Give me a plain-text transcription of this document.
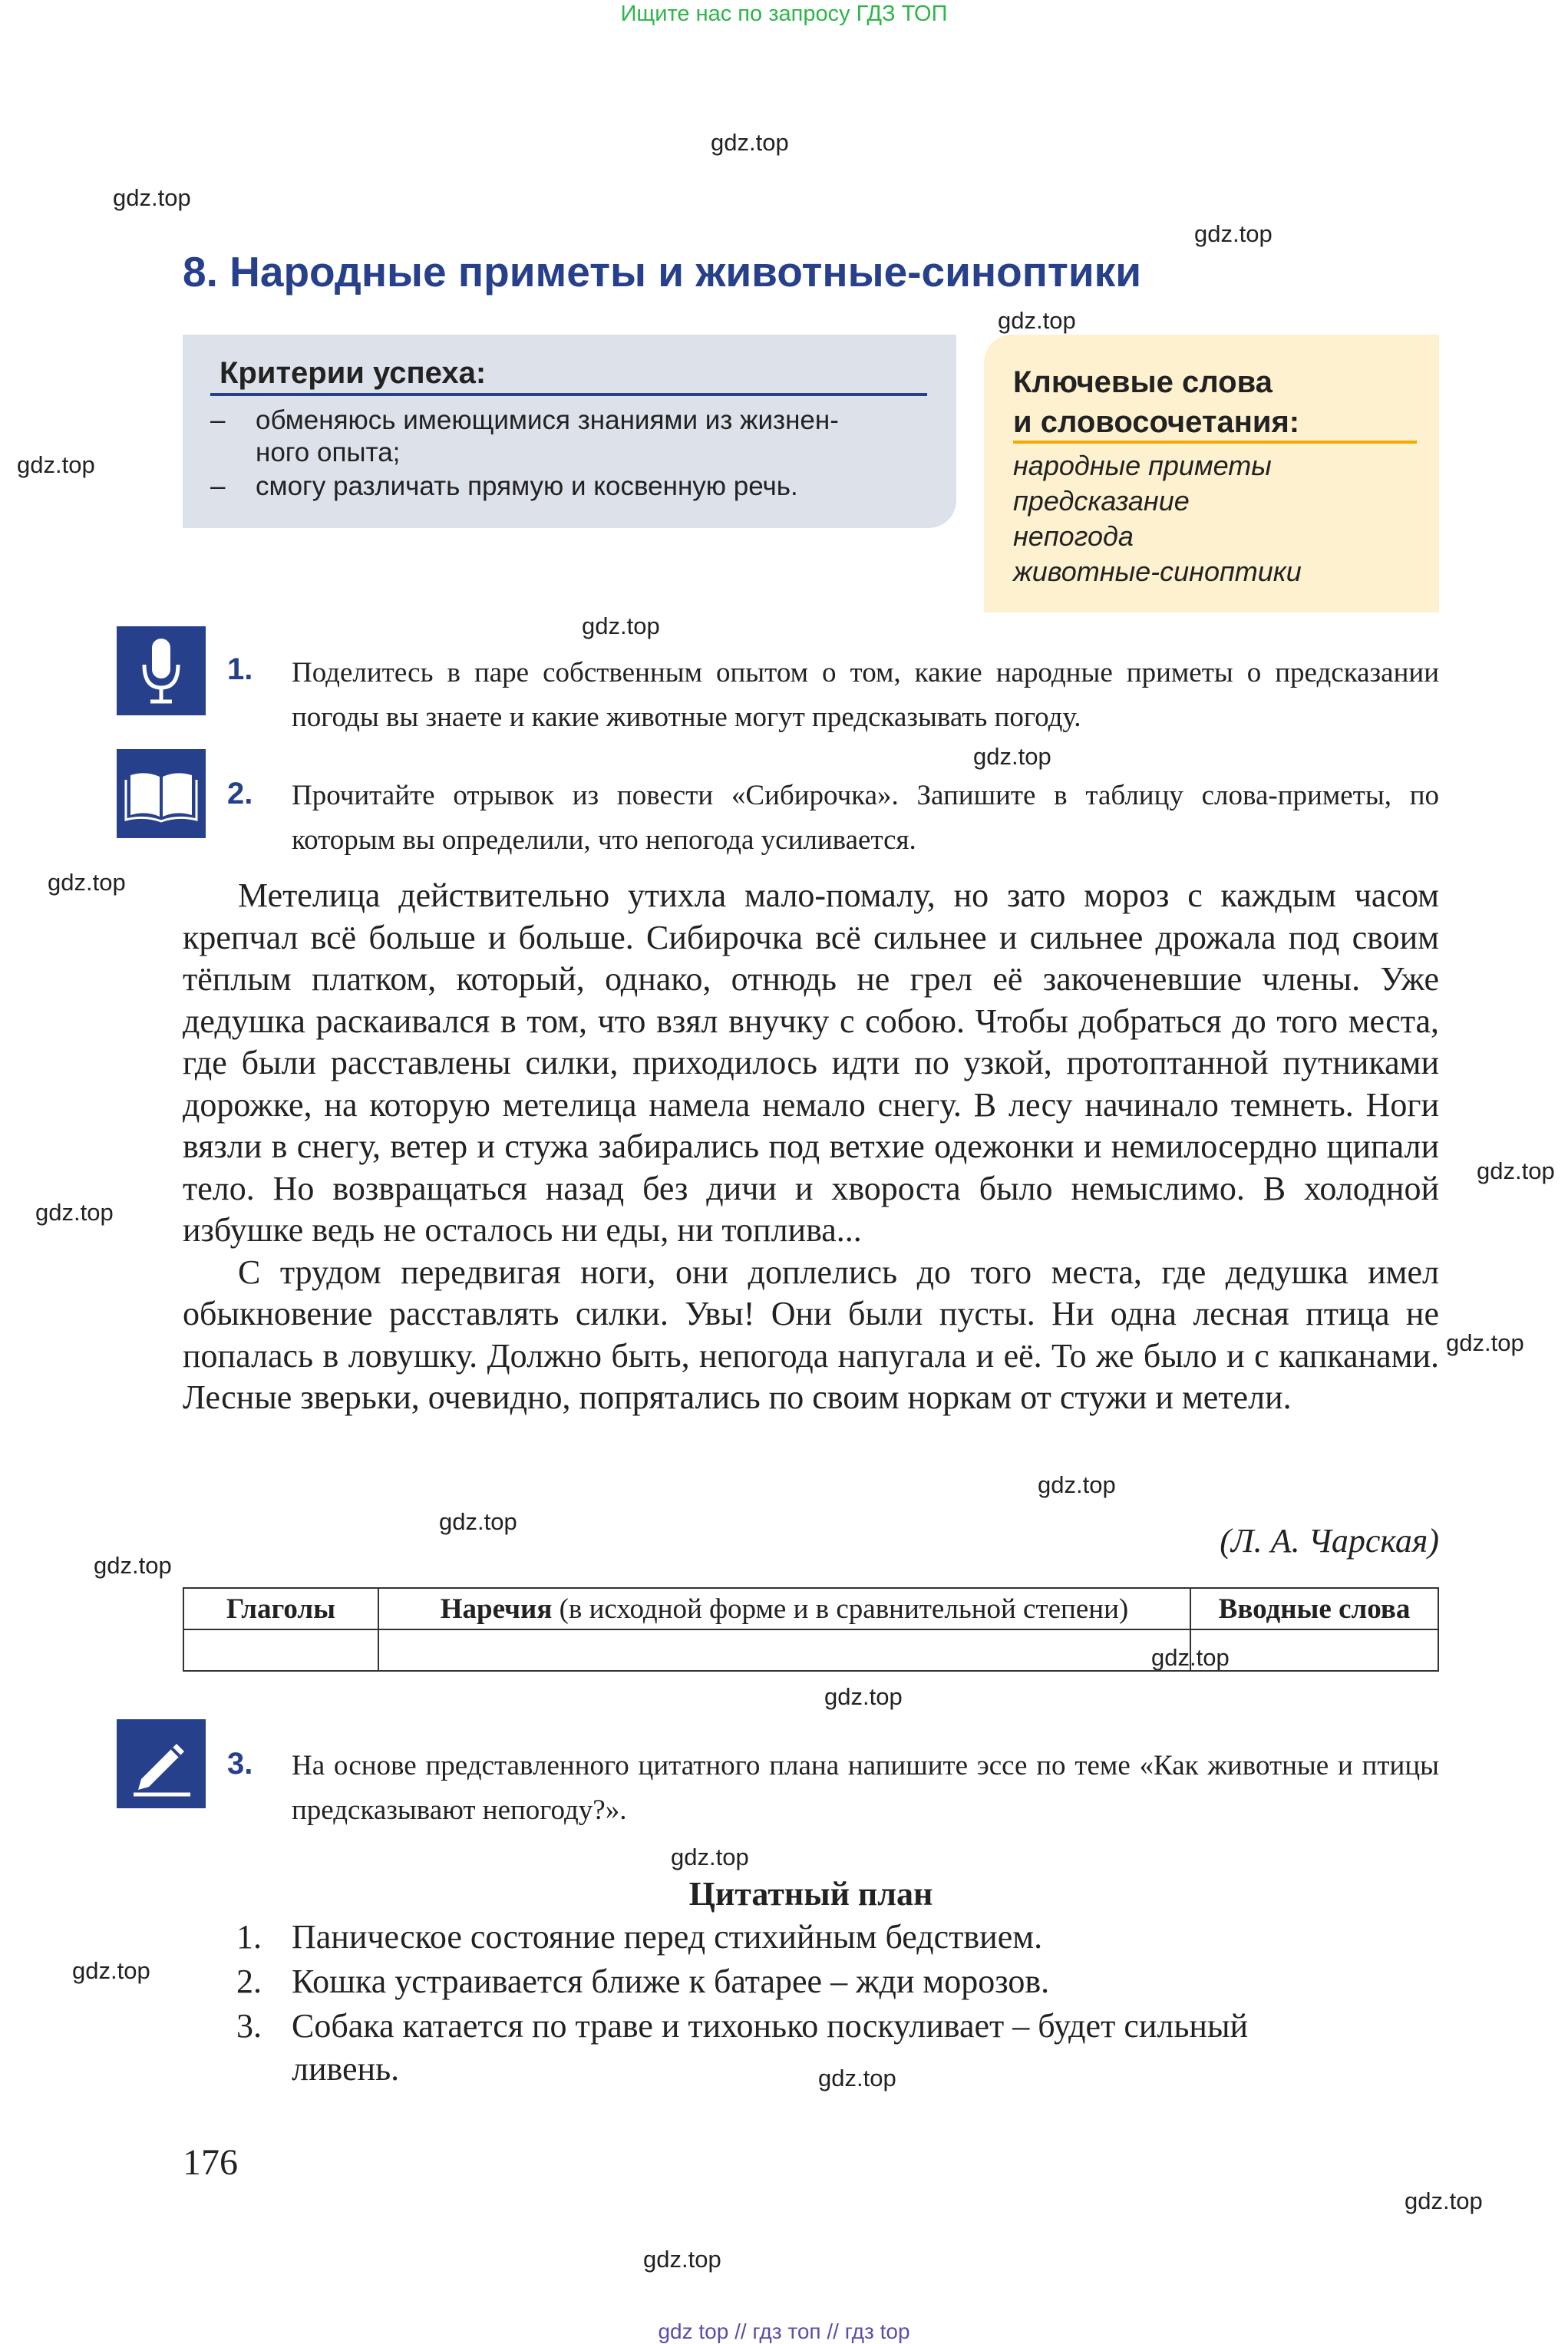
Ищите нас по запросу ГДЗ ТОП
gdz.top
gdz.top
gdz.top
gdz.top
gdz.top
gdz.top
gdz.top
gdz.top
gdz.top
gdz.top
gdz.top
gdz.top
gdz.top
gdz.top
gdz.top
gdz.top
gdz.top
gdz.top
gdz.top
gdz.top
gdz.top
8. Народные приметы и животные-синоптики
Критерии успеха:
– обменяюсь имеющимися знаниями из жизнен-
ного опыта;
– смогу различать прямую и косвенную речь.
Ключевые слова
и словосочетания:
народные приметы
предсказание
непогода
животные-синоптики
1. Поделитесь в паре собственным опытом о том, какие народные приметы о предсказании погоды вы знаете и какие животные могут предсказывать погоду.
2. Прочитайте отрывок из повести «Сибирочка». Запишите в таблицу слова-приметы, по которым вы определили, что непогода усиливается.

Метелица действительно утихла мало-помалу, но зато мороз с каждым часом крепчал всё больше и больше. Сибирочка всё сильнее и сильнее дрожала под своим тёплым платком, который, однако, отнюдь не грел её закоченевшие члены. Уже дедушка раскаивался в том, что взял внучку с собою. Чтобы добраться до того места, где были расставлены силки, приходилось идти по узкой, протоптанной путниками дорожке, на которую метелица намела немало снегу. В лесу начинало темнеть. Ноги вязли в снегу, ветер и стужа забирались под ветхие одежонки и немилосердно щипали тело. Но возвращаться назад без дичи и хвороста было немыслимо. В холодной избушке ведь не осталось ни еды, ни топлива...

С трудом передвигая ноги, они доплелись до того места, где дедушка имел обыкновение расставлять силки. Увы! Они были пусты. Ни одна лесная птица не попалась в ловушку. Должно быть, непогода напугала и её. То же было и с капканами. Лесные зверьки, очевидно, попрятались по своим норкам от стужи и метели.

(Л. А. Чарская)
Глаголы	Наречия (в исходной форме и в сравнительной степени)	Вводные слова

3. На основе представленного цитатного плана напишите эссе по теме «Как животные и птицы предсказывают непогоду?».
Цитатный план
1. Паническое состояние перед стихийным бедствием.
2. Кошка устраивается ближе к батарее – жди морозов.
3. Собака катается по траве и тихонько поскуливает – будет сильный
ливень.
176
gdz top // гдз топ // гдз top
